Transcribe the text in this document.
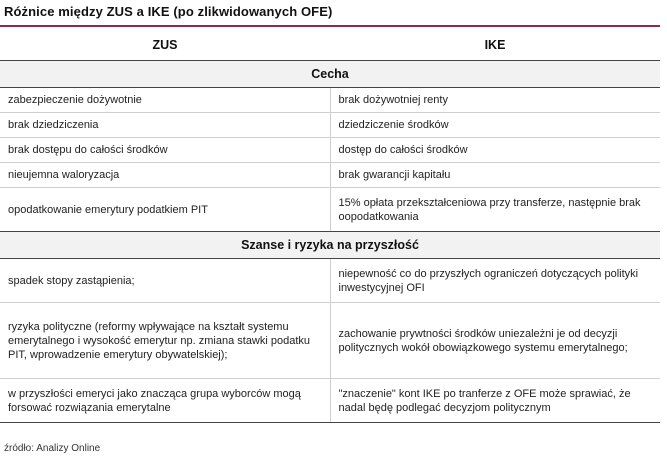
Różnice między ZUS a IKE (po zlikwidowanych OFE)
ZUS	IKE
Cecha	
zabezpieczenie dożywotnie	brak dożywotniej renty
brak dziedziczenia	dziedziczenie środków
brak dostępu do całości środków	dostęp do całości środków
nieujemna waloryzacja	brak gwarancji kapitału
opodatkowanie emerytury podatkiem PIT	15% opłata przekształceniowa przy transferze, następnie brak oopodatkowania
Szanse i ryzyka na przyszłość	
spadek stopy zastąpienia;	niepewność co do przyszłych ograniczeń dotyczących polityki inwestycyjnej OFI
ryzyka polityczne (reformy wpływające na kształt systemu emerytalnego i wysokość emerytur np. zmiana stawki podatku PIT, wprowadzenie emerytury obywatelskiej);	zachowanie prywtności środków uniezależni je od decyzji politycznych wokół obowiązkowego systemu emerytalnego;
w przyszłości emeryci jako znacząca grupa wyborców mogą forsować rozwiązania emerytalne	"znaczenie" kont IKE po tranferze z OFE może sprawiać, że nadal będę podlegać decyzjom politycznym
źródło: Analizy Online
